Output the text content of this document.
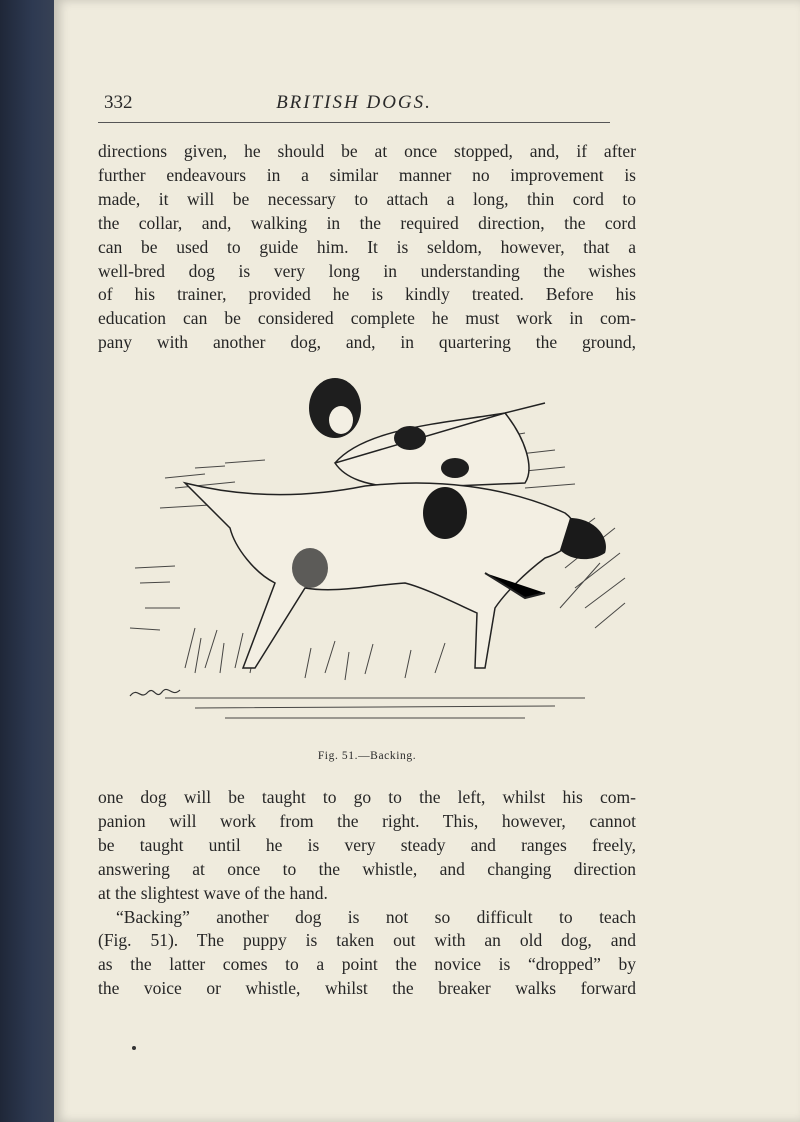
332	BRITISH DOGS.
directions given, he should be at once stopped, and, if after
further endeavours in a similar manner no improvement is
made, it will be necessary to attach a long, thin cord to
the collar, and, walking in the required direction, the cord
can be used to guide him. It is seldom, however, that a
well-bred dog is very long in understanding the wishes
of his trainer, provided he is kindly treated. Before his
education can be considered complete he must work in com-
pany with another dog, and, in quartering the ground,
Fig. 51.—Backing.
one dog will be taught to go to the left, whilst his com-
panion will work from the right. This, however, cannot
be taught until he is very steady and ranges freely,
answering at once to the whistle, and changing direction
at the slightest wave of the hand.
“Backing” another dog is not so difficult to teach
(Fig. 51). The puppy is taken out with an old dog, and
as the latter comes to a point the novice is “dropped” by
the voice or whistle, whilst the breaker walks forward
